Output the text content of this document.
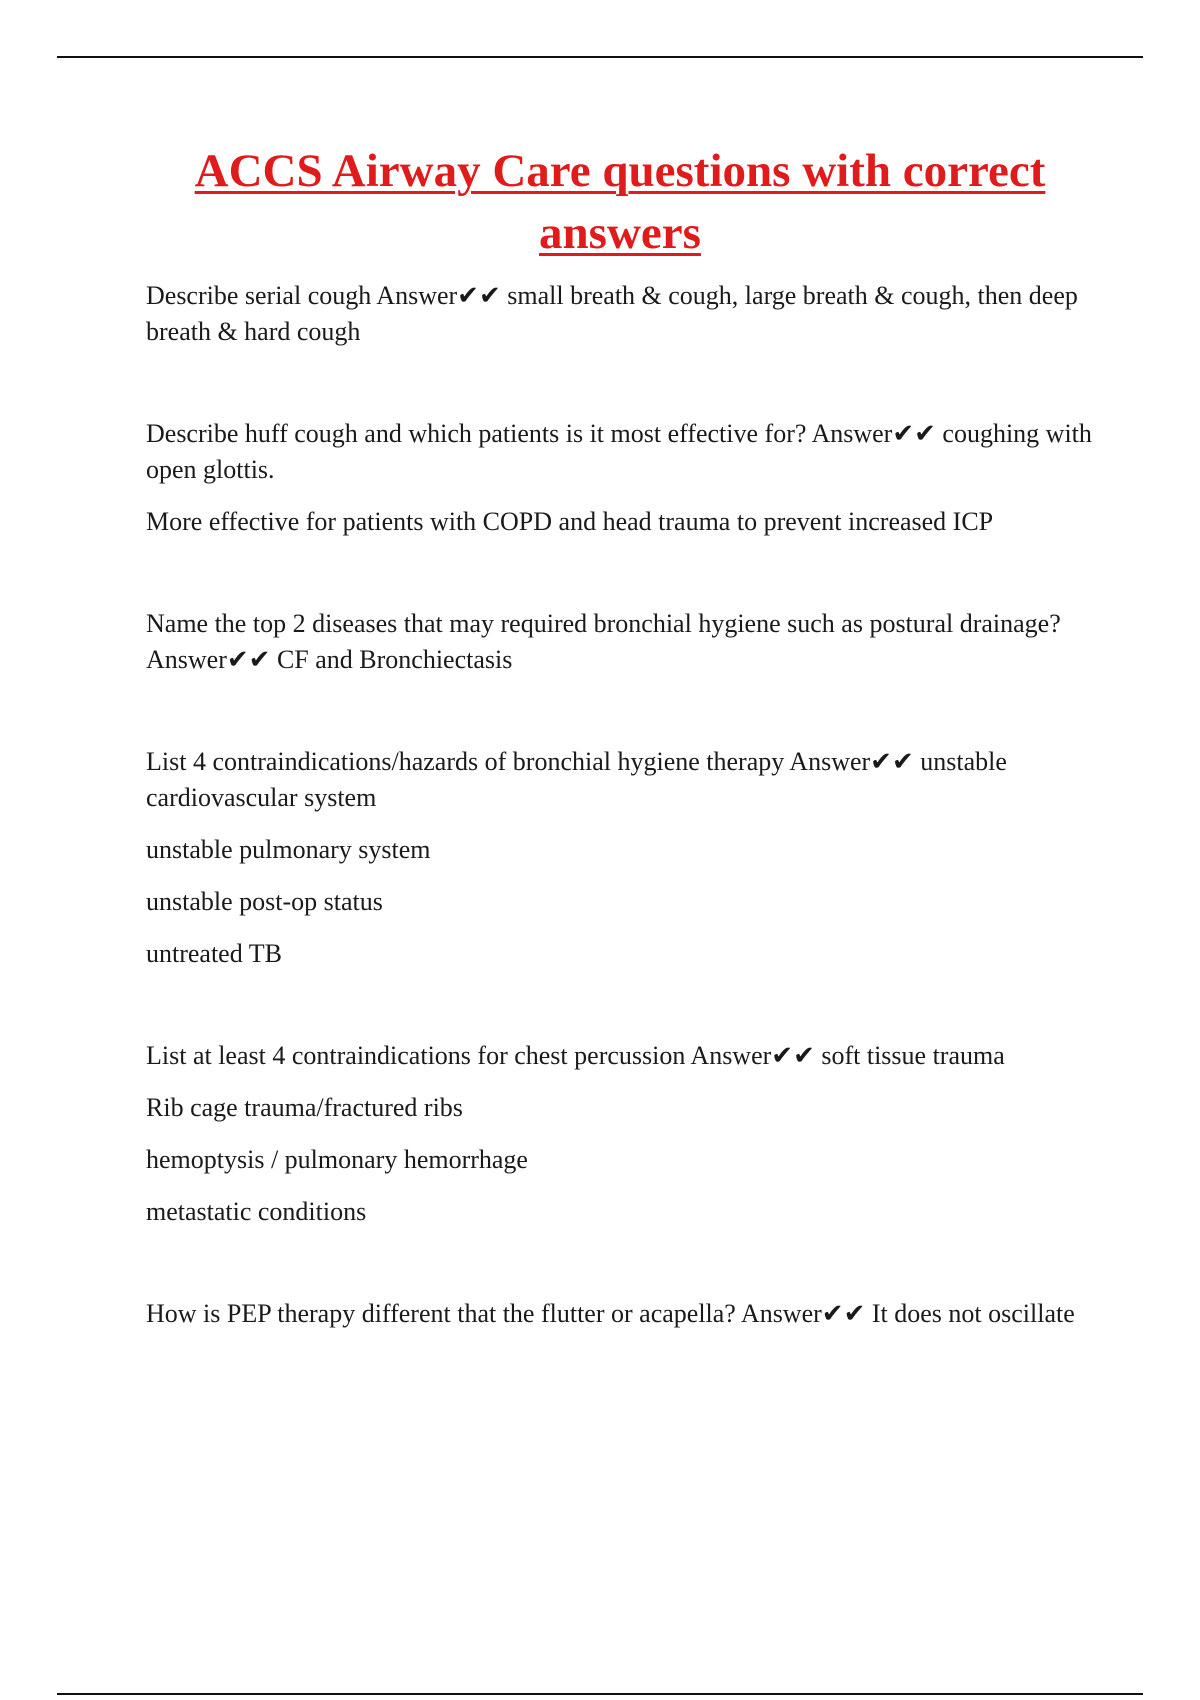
ACCS Airway Care questions with correct answers

Describe serial cough Answer✔✔ small breath & cough, large breath & cough, then deep breath & hard cough

Describe huff cough and which patients is it most effective for? Answer✔✔ coughing with open glottis.

More effective for patients with COPD and head trauma to prevent increased ICP

Name the top 2 diseases that may required bronchial hygiene such as postural drainage? Answer✔✔ CF and Bronchiectasis

List 4 contraindications/hazards of bronchial hygiene therapy Answer✔✔ unstable cardiovascular system

unstable pulmonary system

unstable post-op status

untreated TB

List at least 4 contraindications for chest percussion Answer✔✔ soft tissue trauma

Rib cage trauma/fractured ribs

hemoptysis / pulmonary hemorrhage

metastatic conditions

How is PEP therapy different that the flutter or acapella? Answer✔✔ It does not oscillate
